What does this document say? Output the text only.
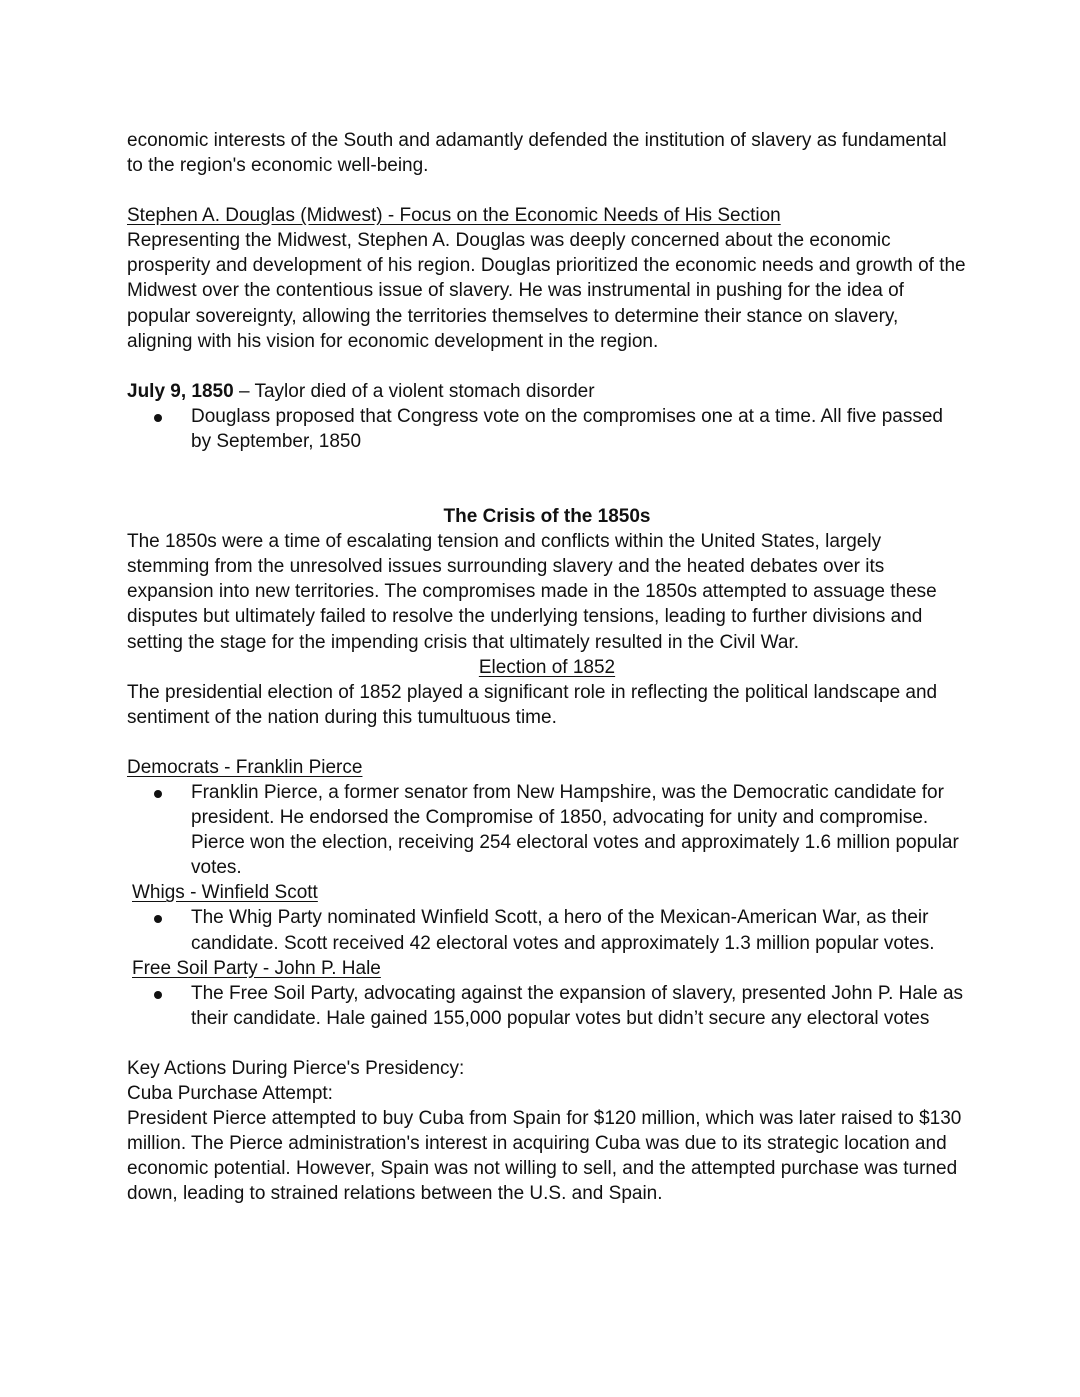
economic interests of the South and adamantly defended the institution of slavery as fundamental to the region's economic well-being.

Stephen A. Douglas (Midwest) - Focus on the Economic Needs of His Section

Representing the Midwest, Stephen A. Douglas was deeply concerned about the economic prosperity and development of his region. Douglas prioritized the economic needs and growth of the Midwest over the contentious issue of slavery. He was instrumental in pushing for the idea of popular sovereignty, allowing the territories themselves to determine their stance on slavery, aligning with his vision for economic development in the region.

July 9, 1850 – Taylor died of a violent stomach disorder

Douglass proposed that Congress vote on the compromises one at a time. All five passed by September, 1850

The Crisis of the 1850s

The 1850s were a time of escalating tension and conflicts within the United States, largely stemming from the unresolved issues surrounding slavery and the heated debates over its expansion into new territories. The compromises made in the 1850s attempted to assuage these disputes but ultimately failed to resolve the underlying tensions, leading to further divisions and setting the stage for the impending crisis that ultimately resulted in the Civil War.

Election of 1852

The presidential election of 1852 played a significant role in reflecting the political landscape and sentiment of the nation during this tumultuous time.

Democrats - Franklin Pierce

Franklin Pierce, a former senator from New Hampshire, was the Democratic candidate for president. He endorsed the Compromise of 1850, advocating for unity and compromise. Pierce won the election, receiving 254 electoral votes and approximately 1.6 million popular votes.

Whigs - Winfield Scott

The Whig Party nominated Winfield Scott, a hero of the Mexican-American War, as their candidate. Scott received 42 electoral votes and approximately 1.3 million popular votes.

Free Soil Party - John P. Hale

The Free Soil Party, advocating against the expansion of slavery, presented John P. Hale as their candidate. Hale gained 155,000 popular votes but didn’t secure any electoral votes

Key Actions During Pierce's Presidency:

Cuba Purchase Attempt:

President Pierce attempted to buy Cuba from Spain for $120 million, which was later raised to $130 million. The Pierce administration's interest in acquiring Cuba was due to its strategic location and economic potential. However, Spain was not willing to sell, and the attempted purchase was turned down, leading to strained relations between the U.S. and Spain.
